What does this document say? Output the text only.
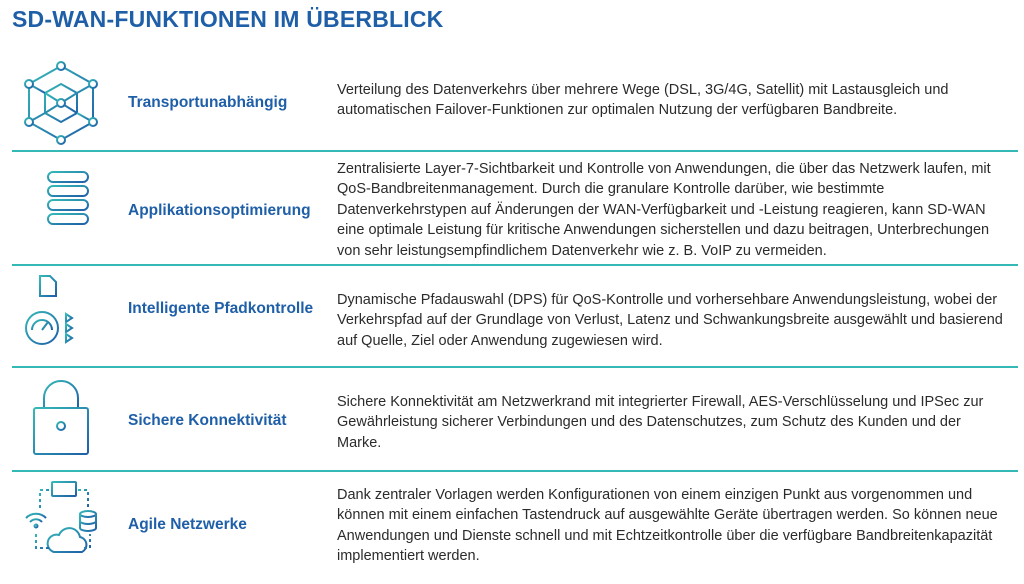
SD-WAN-FUNKTIONEN IM ÜBERBLICK
Transportunabhängig
Verteilung des Datenverkehrs über mehrere Wege (DSL, 3G/4G, Satellit) mit Lastausgleich und automatischen Failover-Funktionen zur optimalen Nutzung der verfügbaren Bandbreite.
Applikationsoptimierung
Zentralisierte Layer-7-Sichtbarkeit und Kontrolle von Anwendungen, die über das Netzwerk laufen, mit QoS-Bandbreitenmanagement. Durch die granulare Kontrolle darüber, wie bestimmte Datenverkehrstypen auf Änderungen der WAN-Verfügbarkeit und -Leistung reagieren, kann SD-WAN eine optimale Leistung für kritische Anwendungen sicherstellen und dazu beitragen, Unterbrechungen von sehr leistungsempfindlichem Datenverkehr wie z. B. VoIP zu vermeiden.
Intelligente Pfadkontrolle	Dynamische Pfadauswahl (DPS) für QoS-Kontrolle und vorhersehbare Anwendungsleistung, wobei der Verkehrspfad auf der Grundlage von Verlust, Latenz und Schwankungsbreite ausgewählt und basierend auf Quelle, Ziel oder Anwendung zugewiesen wird.
Sichere Konnektivität
Sichere Konnektivität am Netzwerkrand mit integrierter Firewall, AES-Verschlüsselung und IPSec zur Gewährleistung sicherer Verbindungen und des Datenschutzes, zum Schutz des Kunden und der Marke.
Agile Netzwerke
Dank zentraler Vorlagen werden Konfigurationen von einem einzigen Punkt aus vorgenommen und können mit einem einfachen Tastendruck auf ausgewählte Geräte übertragen werden. So können neue Anwendungen und Dienste schnell und mit Echtzeitkontrolle über die verfügbare Bandbreitenkapazität implementiert werden.
